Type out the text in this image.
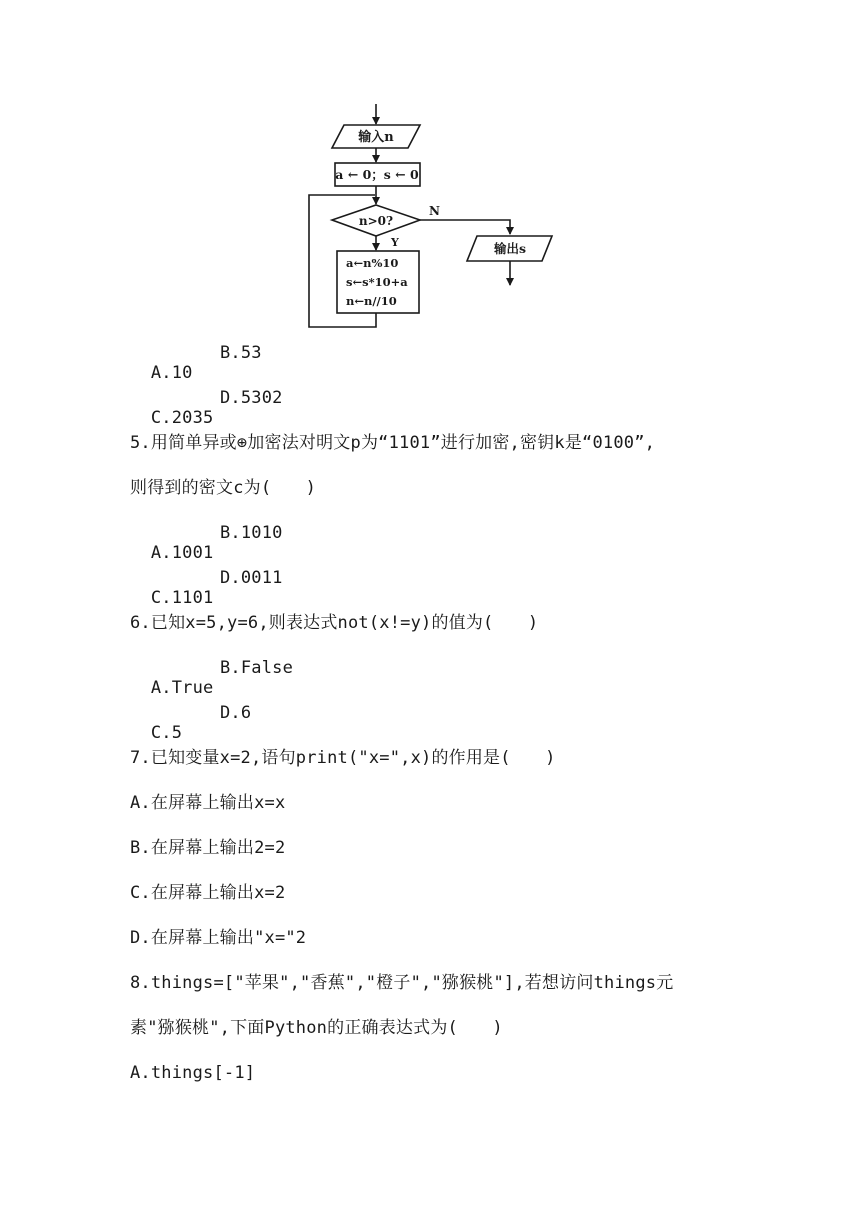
输入n
a ← 0；s ← 0
n>0?
N
Y
a←n%10
s←s*10+a
n←n//10
输出s

A.10
B.53

C.2035
D.5302

5.用简单异或⊕加密法对明文p为“1101”进行加密,密钥k是“0100”,
则得到的密文c为(　　)

A.1001
B.1010

C.1101
D.0011

6.已知x=5,y=6,则表达式not(x!=y)的值为(　　)

A.True
B.False

C.5
D.6

7.已知变量x=2,语句print("x=",x)的作用是(　　)
A.在屏幕上输出x=x
B.在屏幕上输出2=2
C.在屏幕上输出x=2
D.在屏幕上输出"x="2
8.things=["苹果","香蕉","橙子","猕猴桃"],若想访问things元
素"猕猴桃",下面Python的正确表达式为(　　)
A.things[-1]
